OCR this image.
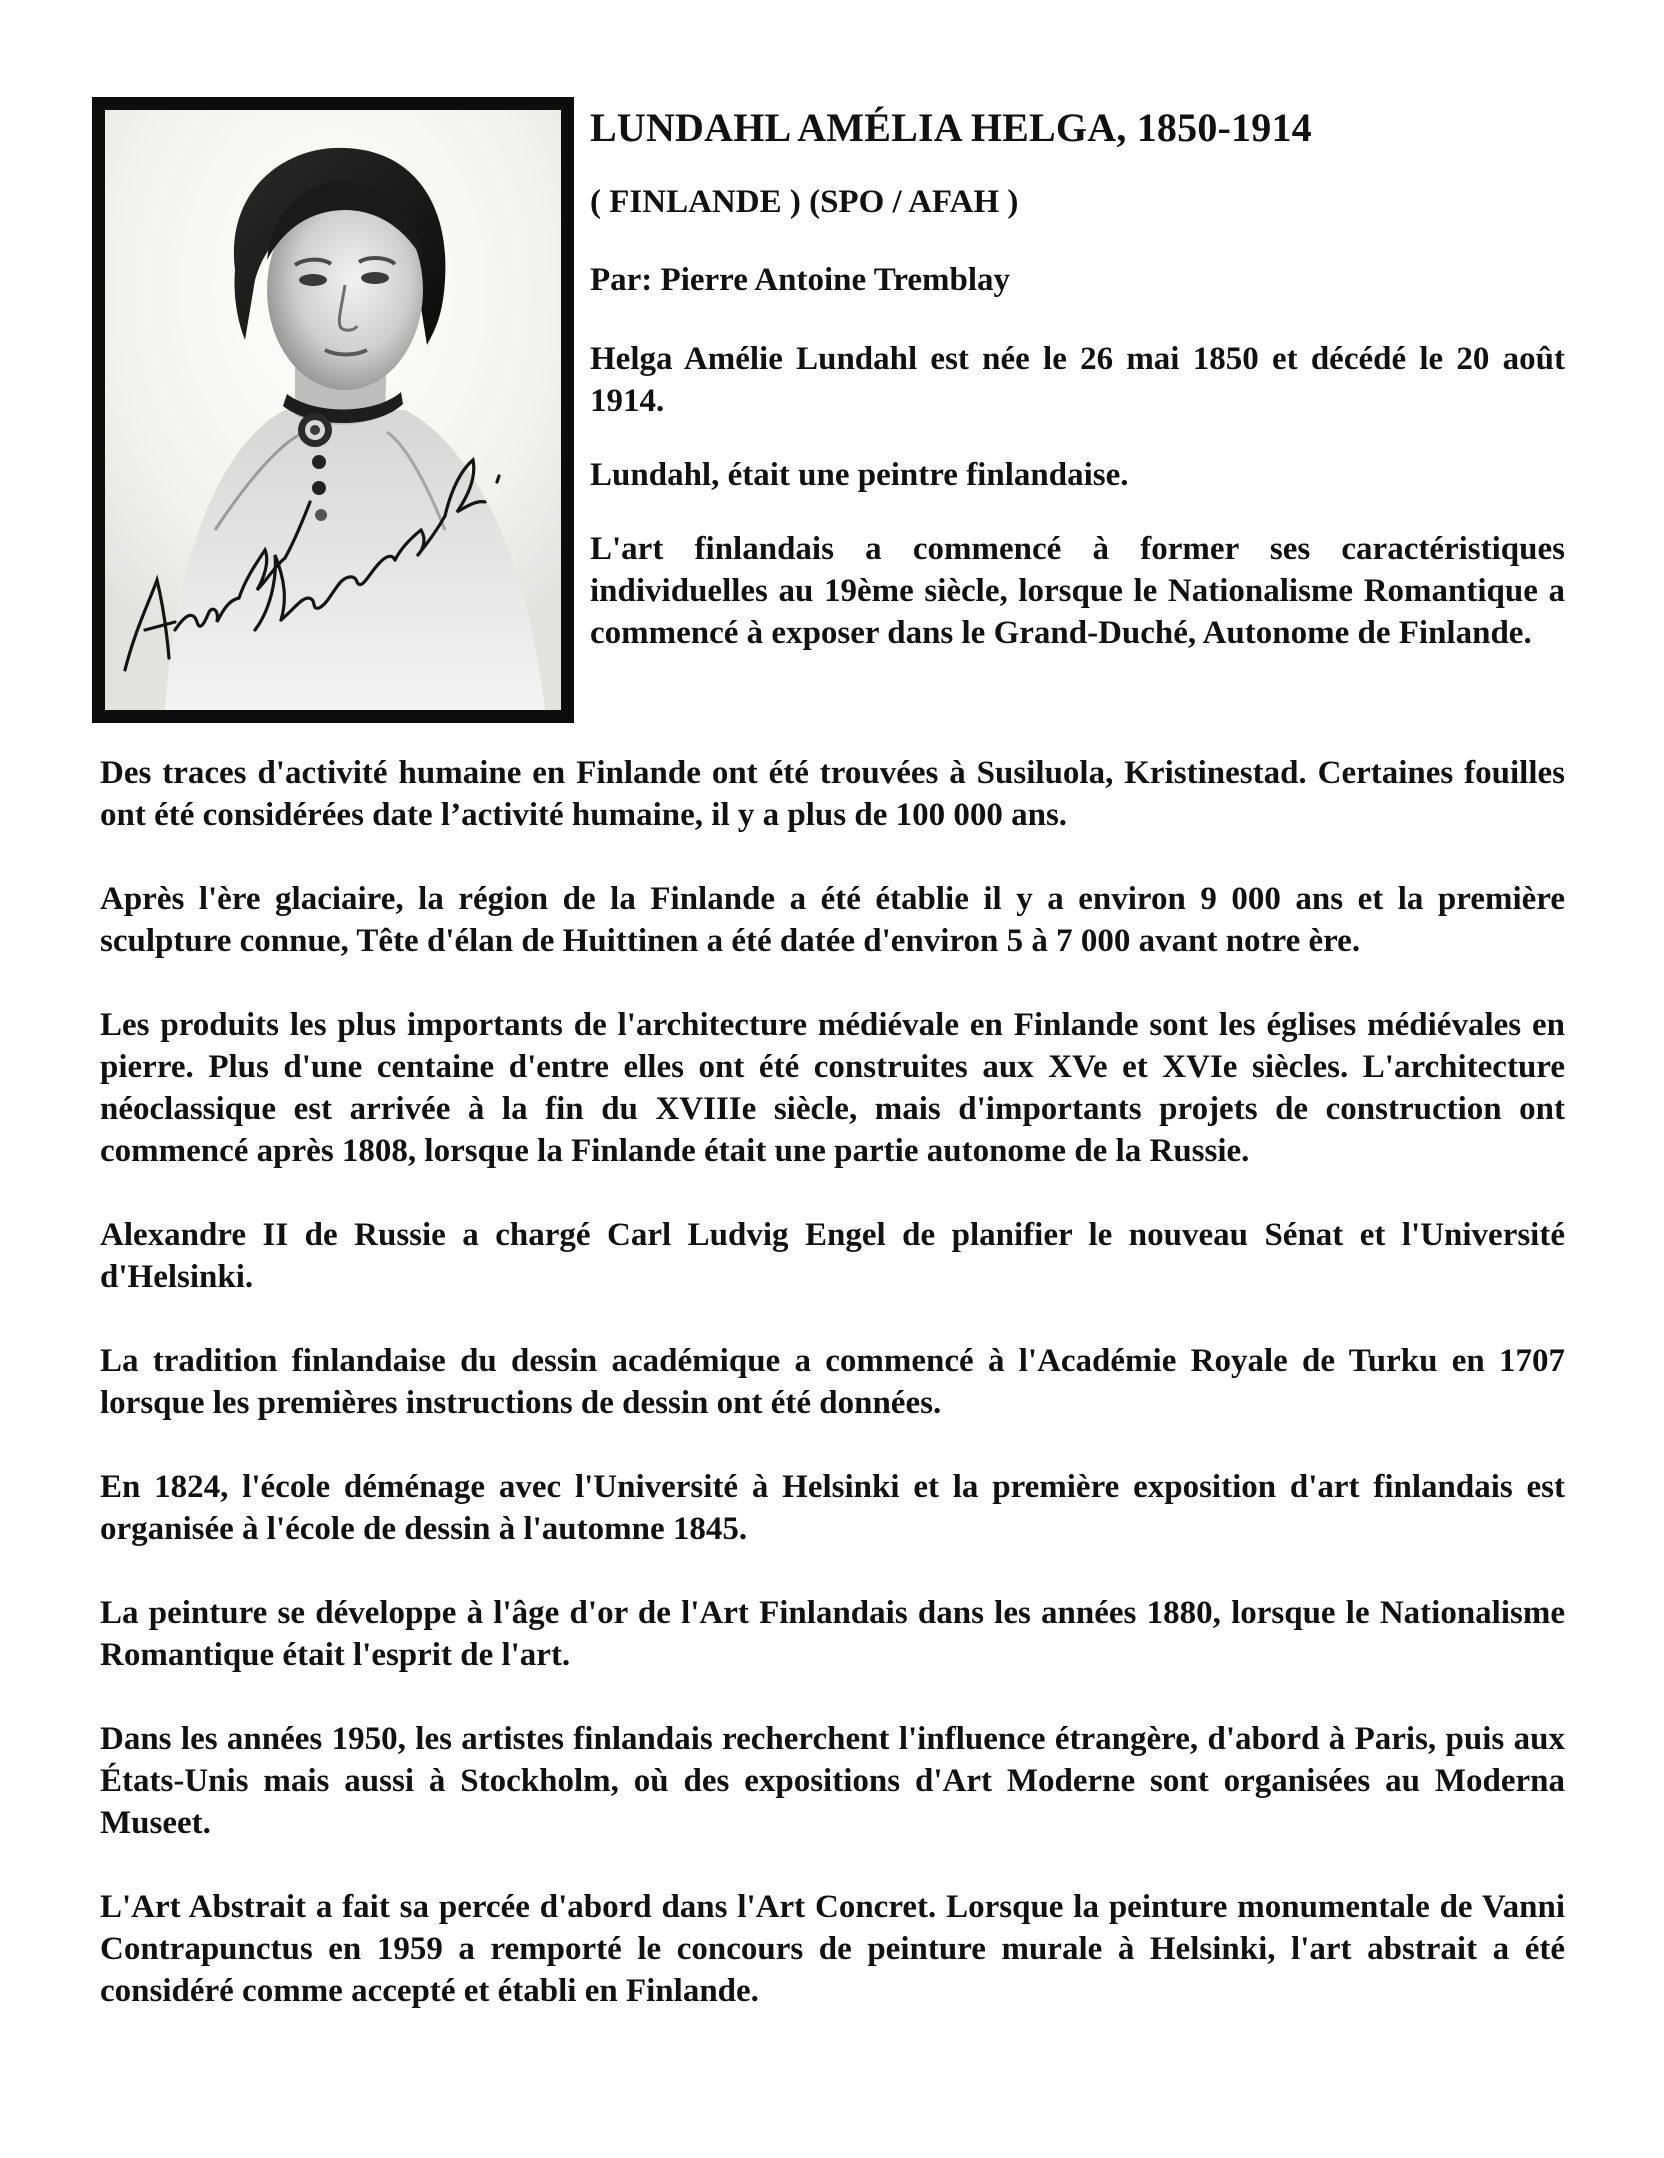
LUNDAHL AMÉLIA HELGA, 1850-1914

( FINLANDE ) (SPO / AFAH )

Par: Pierre Antoine Tremblay

Helga Amélie Lundahl est née le 26 mai 1850 et décédé le 20 août 1914.

Lundahl, était une peintre finlandaise.

L'art finlandais a commencé à former ses caractéristiques individuelles au 19ème siècle, lorsque le Nationalisme Romantique a commencé à exposer dans le Grand-Duché, Autonome de Finlande.

Des traces d'activité humaine en Finlande ont été trouvées à Susiluola, Kristinestad. Certaines fouilles ont été considérées date l’activité humaine, il y a plus de 100 000 ans.

Après l'ère glaciaire, la région de la Finlande a été établie il y a environ 9 000 ans et la première sculpture connue, Tête d'élan de Huittinen a été datée d'environ 5 à 7 000 avant notre ère.

Les produits les plus importants de l'architecture médiévale en Finlande sont les églises médiévales en pierre. Plus d'une centaine d'entre elles ont été construites aux XVe et XVIe siècles. L'architecture néoclassique est arrivée à la fin du XVIIIe siècle, mais d'importants projets de construction ont commencé après 1808, lorsque la Finlande était une partie autonome de la Russie.

Alexandre II de Russie a chargé Carl Ludvig Engel de planifier le nouveau Sénat et l'Université d'Helsinki.

La tradition finlandaise du dessin académique a commencé à l'Académie Royale de Turku en 1707 lorsque les premières instructions de dessin ont été données.

En 1824, l'école déménage avec l'Université à Helsinki et la première exposition d'art finlandais est organisée à l'école de dessin à l'automne 1845.

La peinture se développe à l'âge d'or de l'Art Finlandais dans les années 1880, lorsque le Nationalisme Romantique était l'esprit de l'art.

Dans les années 1950, les artistes finlandais recherchent l'influence étrangère, d'abord à Paris, puis aux États-Unis mais aussi à Stockholm, où des expositions d'Art Moderne sont organisées au Moderna Museet.

L'Art Abstrait a fait sa percée d'abord dans l'Art Concret. Lorsque la peinture monumentale de Vanni Contrapunctus en 1959 a remporté le concours de peinture murale à Helsinki, l'art abstrait a été considéré comme accepté et établi en Finlande.
